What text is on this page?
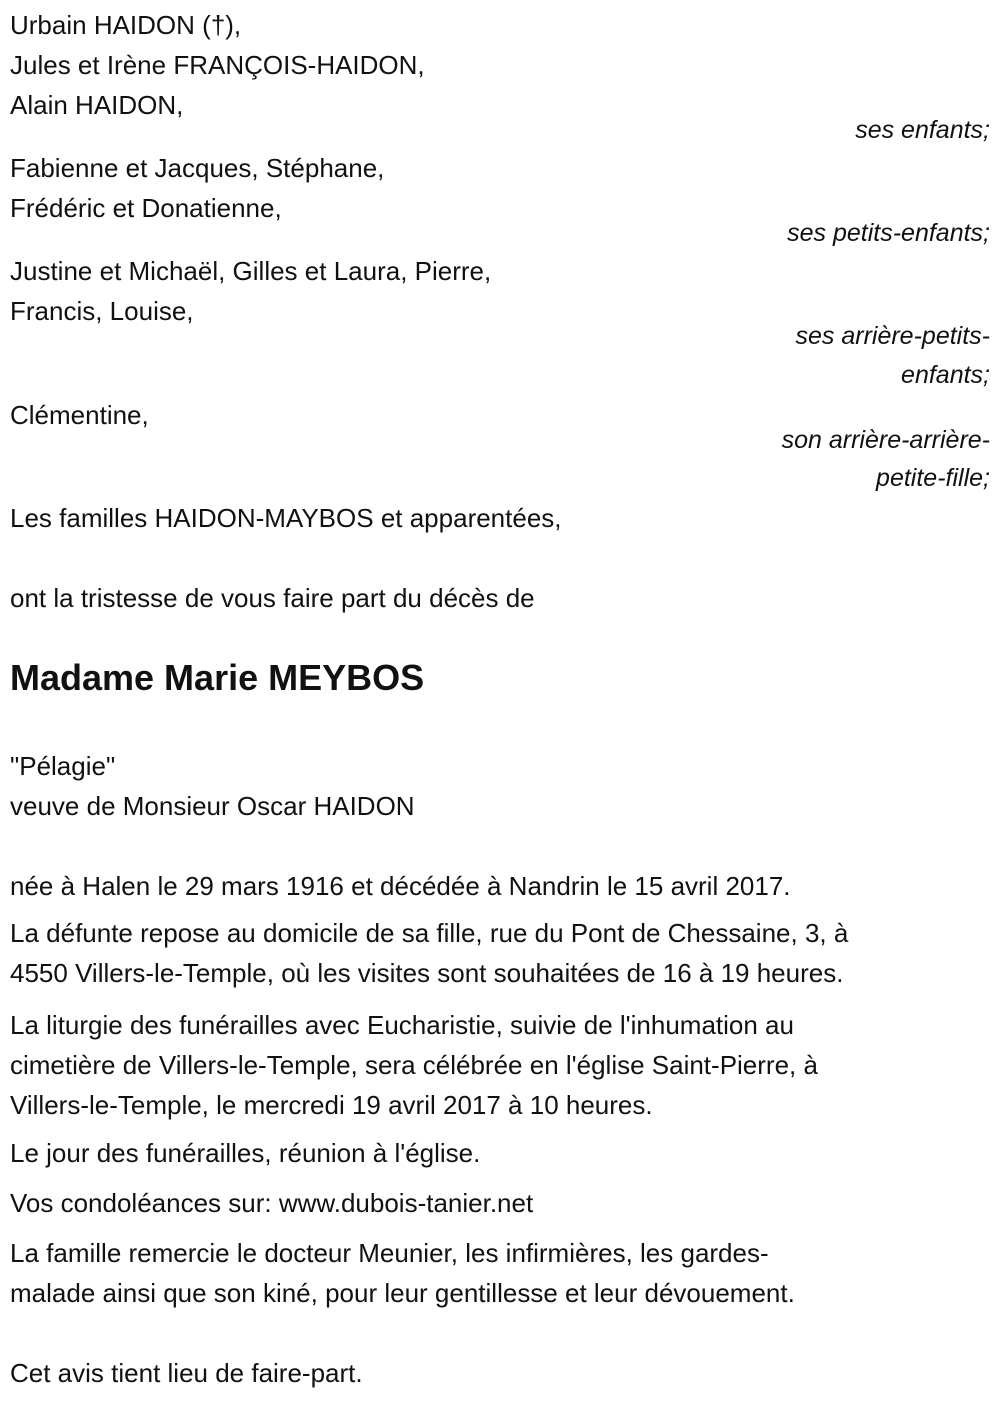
Urbain HAIDON (†),
Jules et Irène FRANÇOIS-HAIDON,
Alain HAIDON,
ses enfants;
Fabienne et Jacques, Stéphane,
Frédéric et Donatienne,
ses petits-enfants;
Justine et Michaël, Gilles et Laura, Pierre,
Francis, Louise,
ses arrière-petits-
enfants;
Clémentine,
son arrière-arrière-
petite-fille;
Les familles HAIDON-MAYBOS et apparentées,
ont la tristesse de vous faire part du décès de
Madame Marie MEYBOS
"Pélagie"
veuve de Monsieur Oscar HAIDON
née à Halen le 29 mars 1916 et décédée à Nandrin le 15 avril 2017.
La défunte repose au domicile de sa fille, rue du Pont de Chessaine, 3, à
4550 Villers-le-Temple, où les visites sont souhaitées de 16 à 19 heures.
La liturgie des funérailles avec Eucharistie, suivie de l'inhumation au
cimetière de Villers-le-Temple, sera célébrée en l'église Saint-Pierre, à
Villers-le-Temple, le mercredi 19 avril 2017 à 10 heures.
Le jour des funérailles, réunion à l'église.
Vos condoléances sur: www.dubois-tanier.net
La famille remercie le docteur Meunier, les infirmières, les gardes-
malade ainsi que son kiné, pour leur gentillesse et leur dévouement.
Cet avis tient lieu de faire-part.
